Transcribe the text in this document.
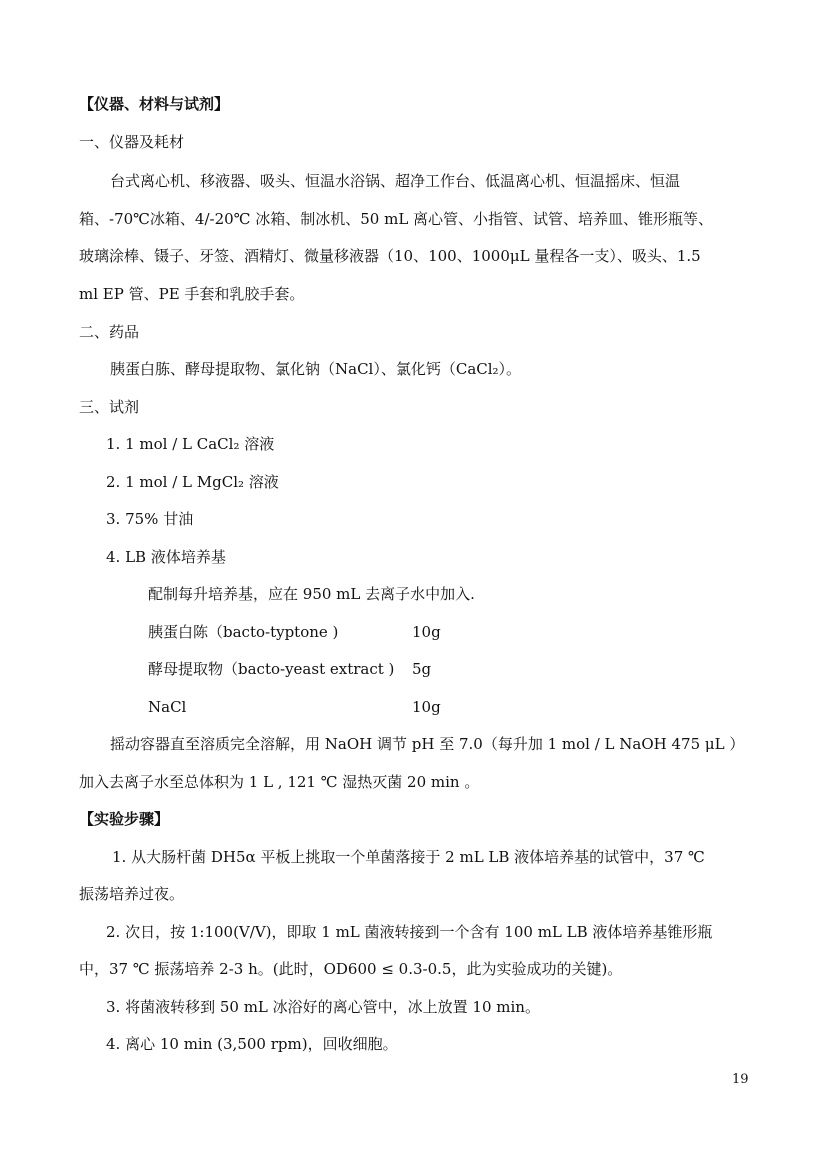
【仪器、材料与试剂】
一、仪器及耗材
台式离心机、移液器、吸头、恒温水浴锅、超净工作台、低温离心机、恒温摇床、恒温
箱、-70℃冰箱、4/-20℃ 冰箱、制冰机、50 mL 离心管、小指管、试管、培养皿、锥形瓶等、
玻璃涂棒、镊子、牙签、酒精灯、微量移液器（10、100、1000μL 量程各一支）、吸头、1.5
ml EP 管、PE 手套和乳胶手套。
二、药品
胰蛋白胨、酵母提取物、氯化钠（NaCl）、氯化钙（CaCl₂）。
三、试剂
1. 1 mol / L CaCl₂ 溶液
2. 1 mol / L MgCl₂ 溶液
3. 75% 甘油
4. LB 液体培养基
配制每升培养基，应在 950 mL 去离子水中加入.
胰蛋白陈（bacto-typtone )	10g
酵母提取物（bacto-yeast extract ) 5g
NaCl	10g
摇动容器直至溶质完全溶解，用 NaOH 调节 pH 至 7.0（每升加 1 mol / L NaOH 475 μL ）
加入去离子水至总体积为 1 L , 121 ℃ 湿热灭菌 20 min 。
【实验步骤】
1. 从大肠杆菌 DH5α 平板上挑取一个单菌落接于 2 mL LB 液体培养基的试管中，37 ℃
振荡培养过夜。
2. 次日，按 1:100(V/V)，即取 1 mL 菌液转接到一个含有 100 mL LB 液体培养基锥形瓶
中，37 ℃ 振荡培养 2-3 h。(此时，OD600 ≤ 0.3-0.5，此为实验成功的关键)。
3. 将菌液转移到 50 mL 冰浴好的离心管中，冰上放置 10 min。
4. 离心 10 min (3,500 rpm)，回收细胞。
19
